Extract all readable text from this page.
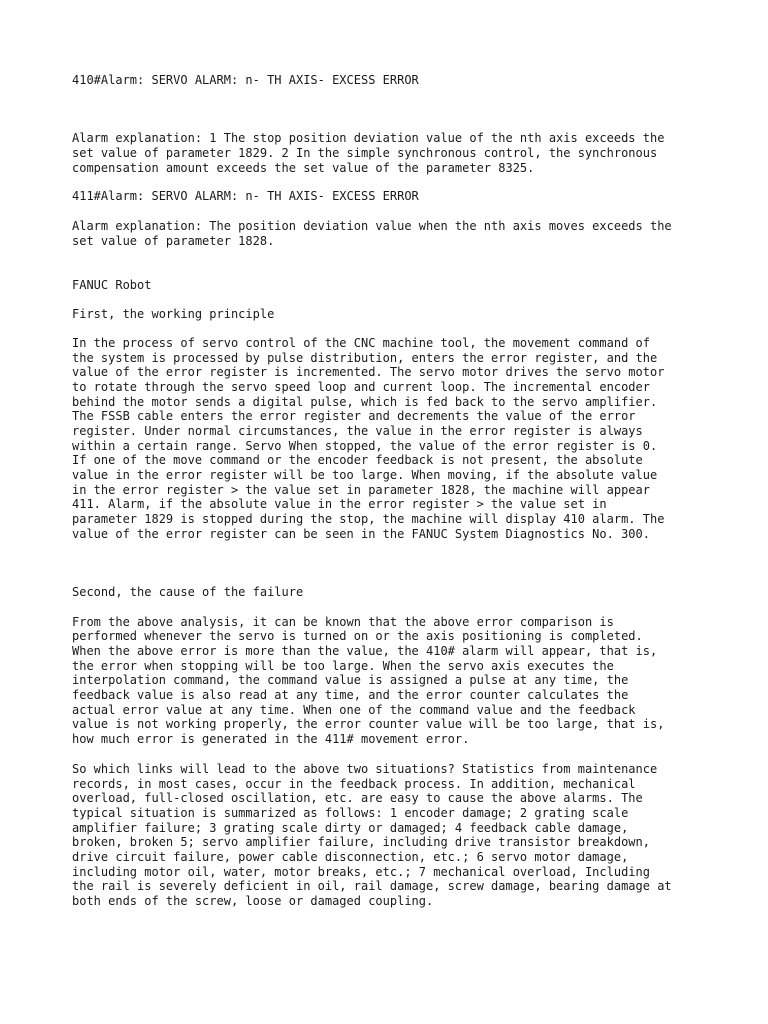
410#Alarm: SERVO ALARM: n- TH AXIS- EXCESS ERROR
Alarm explanation: 1 The stop position deviation value of the nth axis exceeds the
set value of parameter 1829. 2 In the simple synchronous control, the synchronous
compensation amount exceeds the set value of the parameter 8325.
411#Alarm: SERVO ALARM: n- TH AXIS- EXCESS ERROR
Alarm explanation: The position deviation value when the nth axis moves exceeds the
set value of parameter 1828.
FANUC Robot
First, the working principle
In the process of servo control of the CNC machine tool, the movement command of
the system is processed by pulse distribution, enters the error register, and the
value of the error register is incremented. The servo motor drives the servo motor
to rotate through the servo speed loop and current loop. The incremental encoder
behind the motor sends a digital pulse, which is fed back to the servo amplifier.
The FSSB cable enters the error register and decrements the value of the error
register. Under normal circumstances, the value in the error register is always
within a certain range. Servo When stopped, the value of the error register is 0.
If one of the move command or the encoder feedback is not present, the absolute
value in the error register will be too large. When moving, if the absolute value
in the error register > the value set in parameter 1828, the machine will appear
411. Alarm, if the absolute value in the error register > the value set in
parameter 1829 is stopped during the stop, the machine will display 410 alarm. The
value of the error register can be seen in the FANUC System Diagnostics No. 300.
Second, the cause of the failure
From the above analysis, it can be known that the above error comparison is
performed whenever the servo is turned on or the axis positioning is completed.
When the above error is more than the value, the 410# alarm will appear, that is,
the error when stopping will be too large. When the servo axis executes the
interpolation command, the command value is assigned a pulse at any time, the
feedback value is also read at any time, and the error counter calculates the
actual error value at any time. When one of the command value and the feedback
value is not working properly, the error counter value will be too large, that is,
how much error is generated in the 411# movement error.
So which links will lead to the above two situations? Statistics from maintenance
records, in most cases, occur in the feedback process. In addition, mechanical
overload, full-closed oscillation, etc. are easy to cause the above alarms. The
typical situation is summarized as follows: 1 encoder damage; 2 grating scale
amplifier failure; 3 grating scale dirty or damaged; 4 feedback cable damage,
broken, broken 5; servo amplifier failure, including drive transistor breakdown,
drive circuit failure, power cable disconnection, etc.; 6 servo motor damage,
including motor oil, water, motor breaks, etc.; 7 mechanical overload, Including
the rail is severely deficient in oil, rail damage, screw damage, bearing damage at
both ends of the screw, loose or damaged coupling.
